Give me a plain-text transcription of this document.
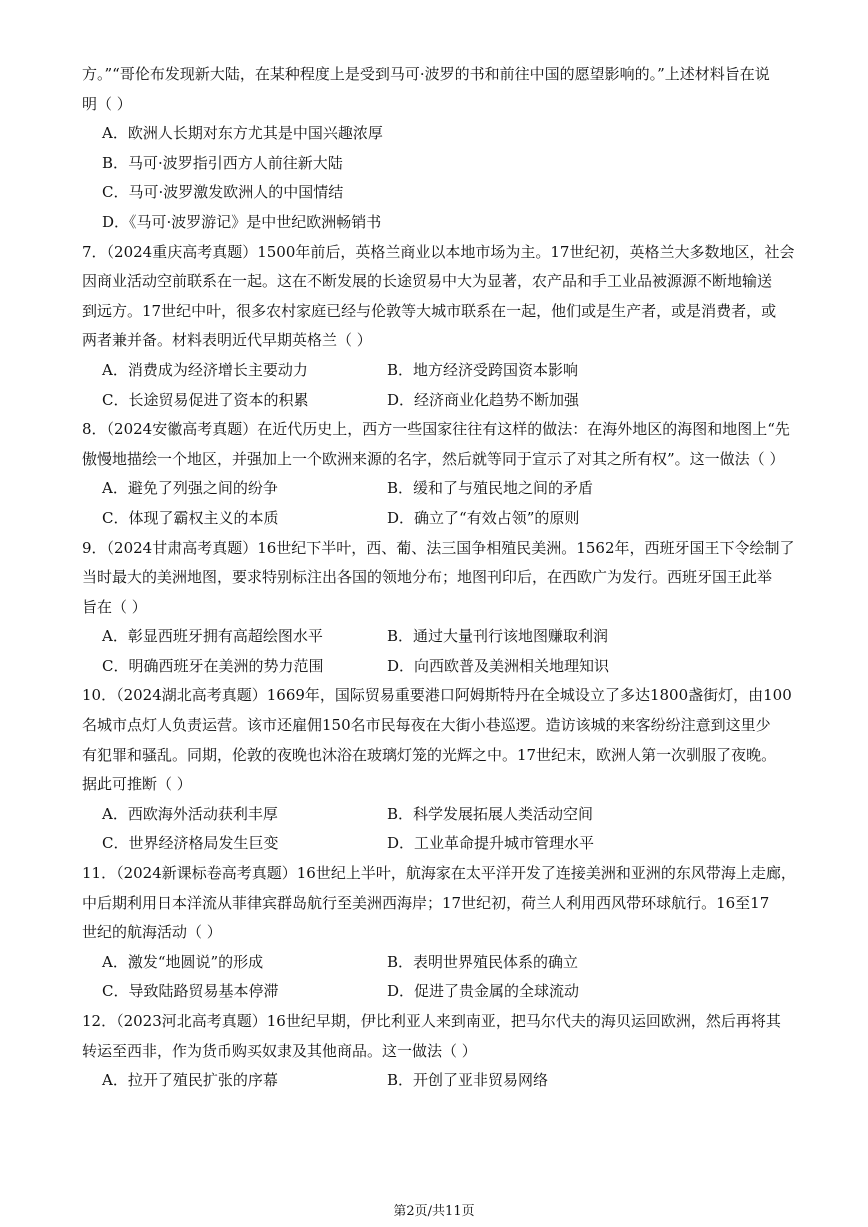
方。”“哥伦布发现新大陆，在某种程度上是受到马可·波罗的书和前往中国的愿望影响的。”上述材料旨在说

明（ ）

A．欧洲人长期对东方尤其是中国兴趣浓厚

B．马可·波罗指引西方人前往新大陆

C．马可·波罗激发欧洲人的中国情结

D．《马可·波罗游记》是中世纪欧洲畅销书

7．（2024重庆高考真题）1500年前后，英格兰商业以本地市场为主。17世纪初，英格兰大多数地区，社会

因商业活动空前联系在一起。这在不断发展的长途贸易中大为显著，农产品和手工业品被源源不断地输送

到远方。17世纪中叶，很多农村家庭已经与伦敦等大城市联系在一起，他们或是生产者，或是消费者，或

两者兼并备。材料表明近代早期英格兰（ ）

A．消费成为经济增长主要动力	B．地方经济受跨国资本影响
C．长途贸易促进了资本的积累	D．经济商业化趋势不断加强

8．（2024安徽高考真题）在近代历史上，西方一些国家往往有这样的做法：在海外地区的海图和地图上“先

傲慢地描绘一个地区，并强加上一个欧洲来源的名字，然后就等同于宣示了对其之所有权”。这一做法（ ）

A．避免了列强之间的纷争	B．缓和了与殖民地之间的矛盾
C．体现了霸权主义的本质	D．确立了“有效占领”的原则

9．（2024甘肃高考真题）16世纪下半叶，西、葡、法三国争相殖民美洲。1562年，西班牙国王下令绘制了

当时最大的美洲地图，要求特别标注出各国的领地分布；地图刊印后，在西欧广为发行。西班牙国王此举

旨在（ ）

A．彰显西班牙拥有高超绘图水平	B．通过大量刊行该地图赚取利润
C．明确西班牙在美洲的势力范围	D．向西欧普及美洲相关地理知识

10．（2024湖北高考真题）1669年，国际贸易重要港口阿姆斯特丹在全城设立了多达1800盏街灯，由100

名城市点灯人负责运营。该市还雇佣150名市民每夜在大街小巷巡逻。造访该城的来客纷纷注意到这里少

有犯罪和骚乱。同期，伦敦的夜晚也沐浴在玻璃灯笼的光辉之中。17世纪末，欧洲人第一次驯服了夜晚。

据此可推断（ ）

A．西欧海外活动获利丰厚	B．科学发展拓展人类活动空间
C．世界经济格局发生巨变	D．工业革命提升城市管理水平

11．（2024新课标卷高考真题）16世纪上半叶，航海家在太平洋开发了连接美洲和亚洲的东风带海上走廊，

中后期利用日本洋流从菲律宾群岛航行至美洲西海岸；17世纪初，荷兰人利用西风带环球航行。16至17

世纪的航海活动（ ）

A．激发“地圆说”的形成	B．表明世界殖民体系的确立
C．导致陆路贸易基本停滞	D．促进了贵金属的全球流动

12．（2023河北高考真题）16世纪早期，伊比利亚人来到南亚，把马尔代夫的海贝运回欧洲，然后再将其

转运至西非，作为货币购买奴隶及其他商品。这一做法（ ）

A．拉开了殖民扩张的序幕	B．开创了亚非贸易网络
第2页/共11页
